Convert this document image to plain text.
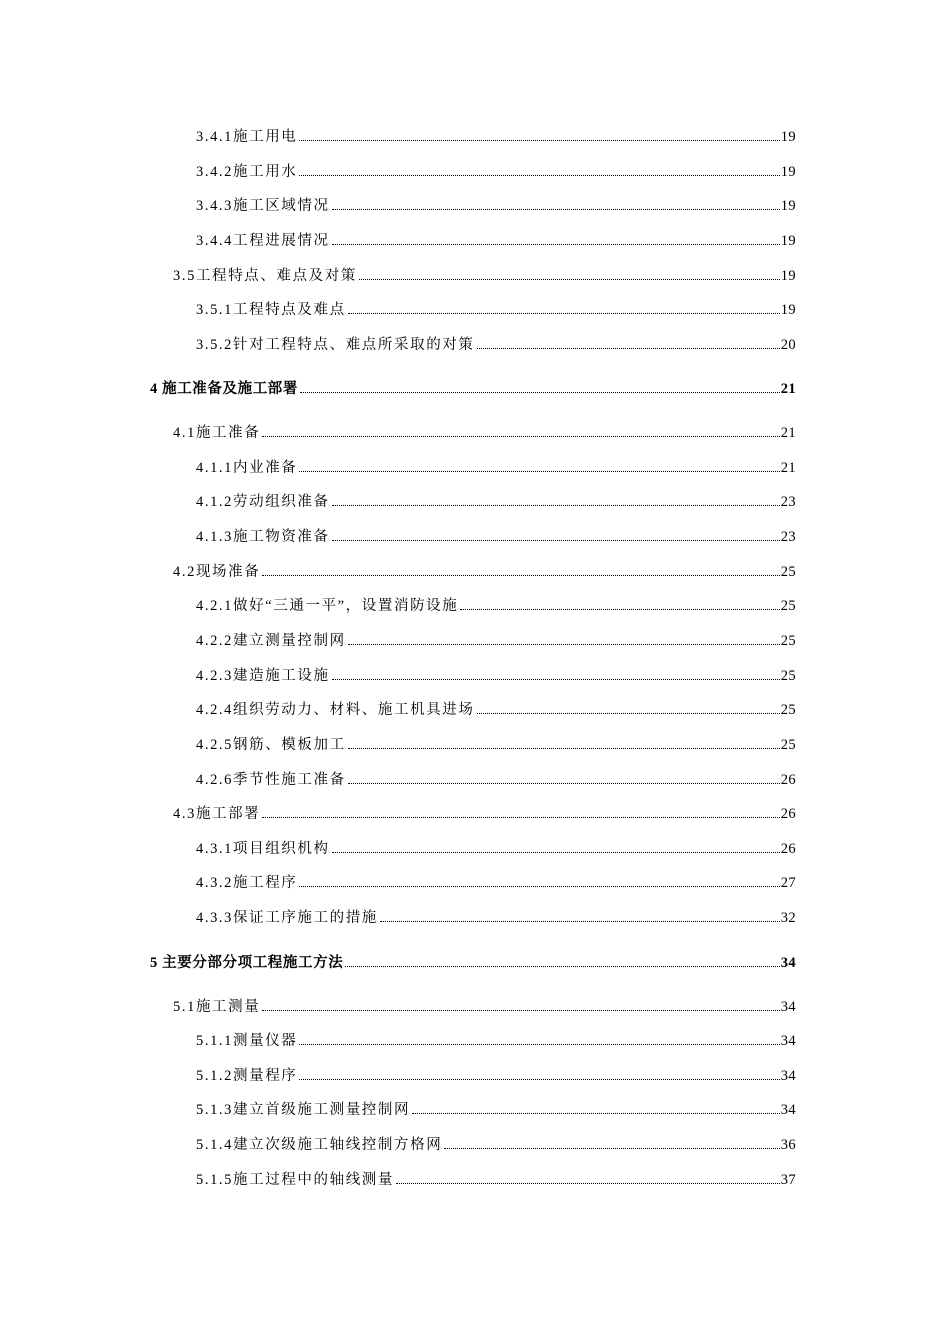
3.4.1施工用电	19
3.4.2施工用水	19
3.4.3施工区域情况	19
3.4.4工程进展情况	19
3.5工程特点、难点及对策	19
3.5.1工程特点及难点	19
3.5.2针对工程特点、难点所采取的对策	20
4 施工准备及施工部署	21
4.1施工准备	21
4.1.1内业准备	21
4.1.2劳动组织准备	23
4.1.3施工物资准备	23
4.2现场准备	25
4.2.1做好“三通一平”，设置消防设施	25
4.2.2建立测量控制网	25
4.2.3建造施工设施	25
4.2.4组织劳动力、材料、施工机具进场	25
4.2.5钢筋、模板加工	25
4.2.6季节性施工准备	26
4.3施工部署	26
4.3.1项目组织机构	26
4.3.2施工程序	27
4.3.3保证工序施工的措施	32
5 主要分部分项工程施工方法	34
5.1施工测量	34
5.1.1测量仪器	34
5.1.2测量程序	34
5.1.3建立首级施工测量控制网	34
5.1.4建立次级施工轴线控制方格网	36
5.1.5施工过程中的轴线测量	37
